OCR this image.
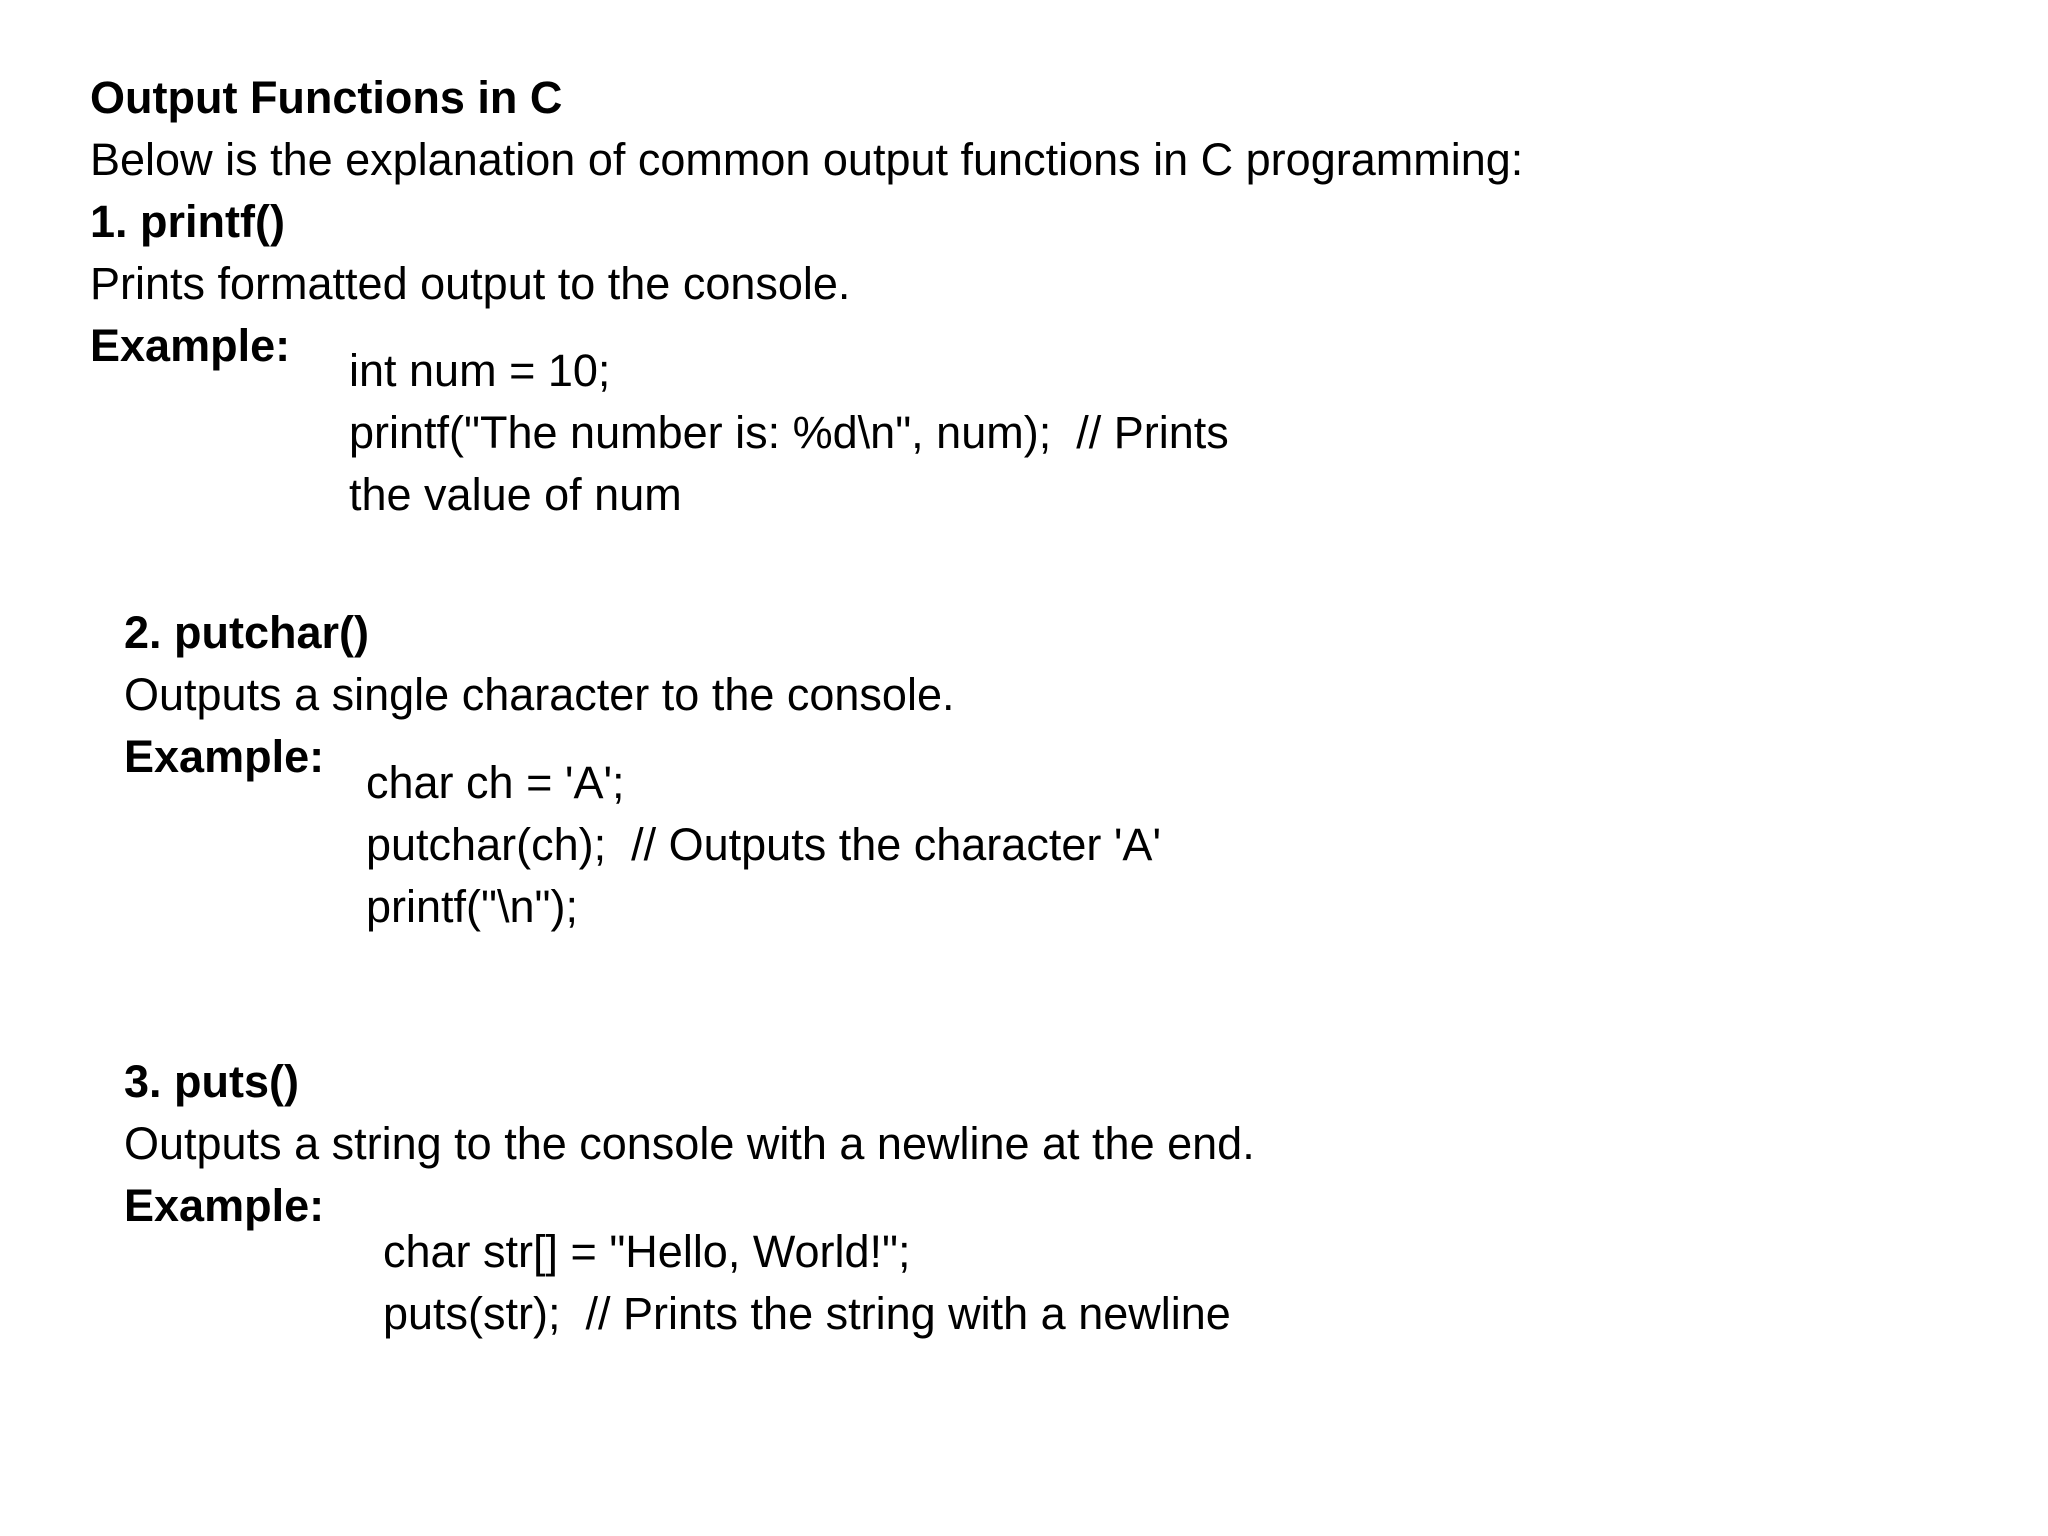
Output Functions in C
Below is the explanation of common output functions in C programming:
1. printf()
Prints formatted output to the console.
Example: int num = 10;
printf("The number is: %d\n", num);  // Prints
the value of num
2. putchar()
Outputs a single character to the console.
Example:
char ch = 'A';
putchar(ch);  // Outputs the character 'A'
printf("\n");
3. puts()
Outputs a string to the console with a newline at the end.
Example:
char str[] = "Hello, World!";
puts(str);  // Prints the string with a newline
